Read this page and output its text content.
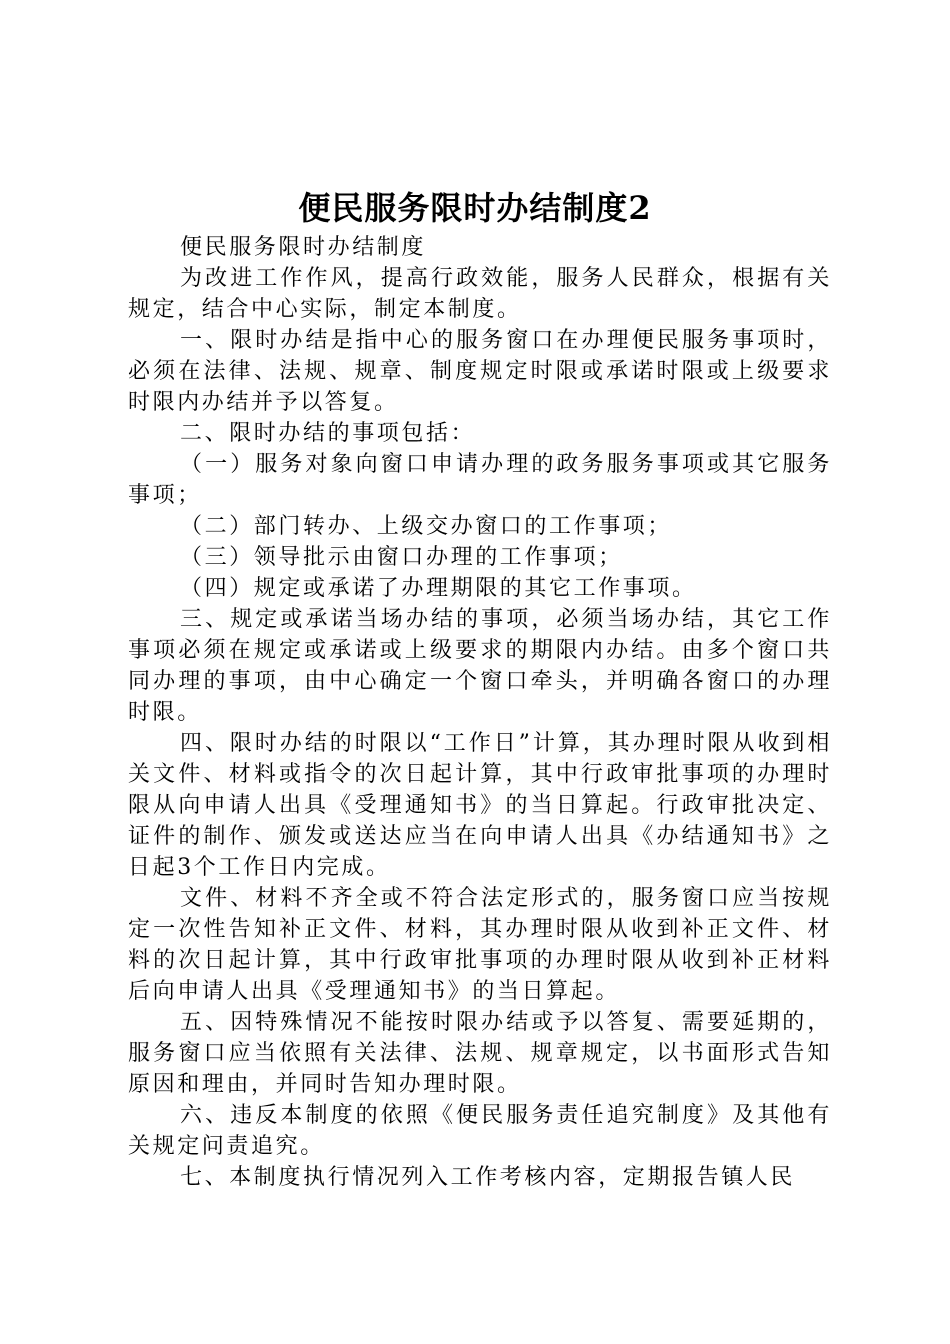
便民服务限时办结制度2

便民服务限时办结制度

为改进工作作风，提高行政效能，服务人民群众，根据有关规定，结合中心实际，制定本制度。

一、限时办结是指中心的服务窗口在办理便民服务事项时，必须在法律、法规、规章、制度规定时限或承诺时限或上级要求时限内办结并予以答复。

二、限时办结的事项包括：

（一）服务对象向窗口申请办理的政务服务事项或其它服务事项；

（二）部门转办、上级交办窗口的工作事项；

（三）领导批示由窗口办理的工作事项；

（四）规定或承诺了办理期限的其它工作事项。

三、规定或承诺当场办结的事项，必须当场办结，其它工作事项必须在规定或承诺或上级要求的期限内办结。由多个窗口共同办理的事项，由中心确定一个窗口牵头，并明确各窗口的办理时限。

四、限时办结的时限以“工作日”计算，其办理时限从收到相关文件、材料或指令的次日起计算，其中行政审批事项的办理时限从向申请人出具《受理通知书》的当日算起。行政审批决定、证件的制作、颁发或送达应当在向申请人出具《办结通知书》之日起3个工作日内完成。

文件、材料不齐全或不符合法定形式的，服务窗口应当按规定一次性告知补正文件、材料，其办理时限从收到补正文件、材料的次日起计算，其中行政审批事项的办理时限从收到补正材料后向申请人出具《受理通知书》的当日算起。

五、因特殊情况不能按时限办结或予以答复、需要延期的，服务窗口应当依照有关法律、法规、规章规定，以书面形式告知原因和理由，并同时告知办理时限。

六、违反本制度的依照《便民服务责任追究制度》及其他有关规定问责追究。

七、本制度执行情况列入工作考核内容，定期报告镇人民
